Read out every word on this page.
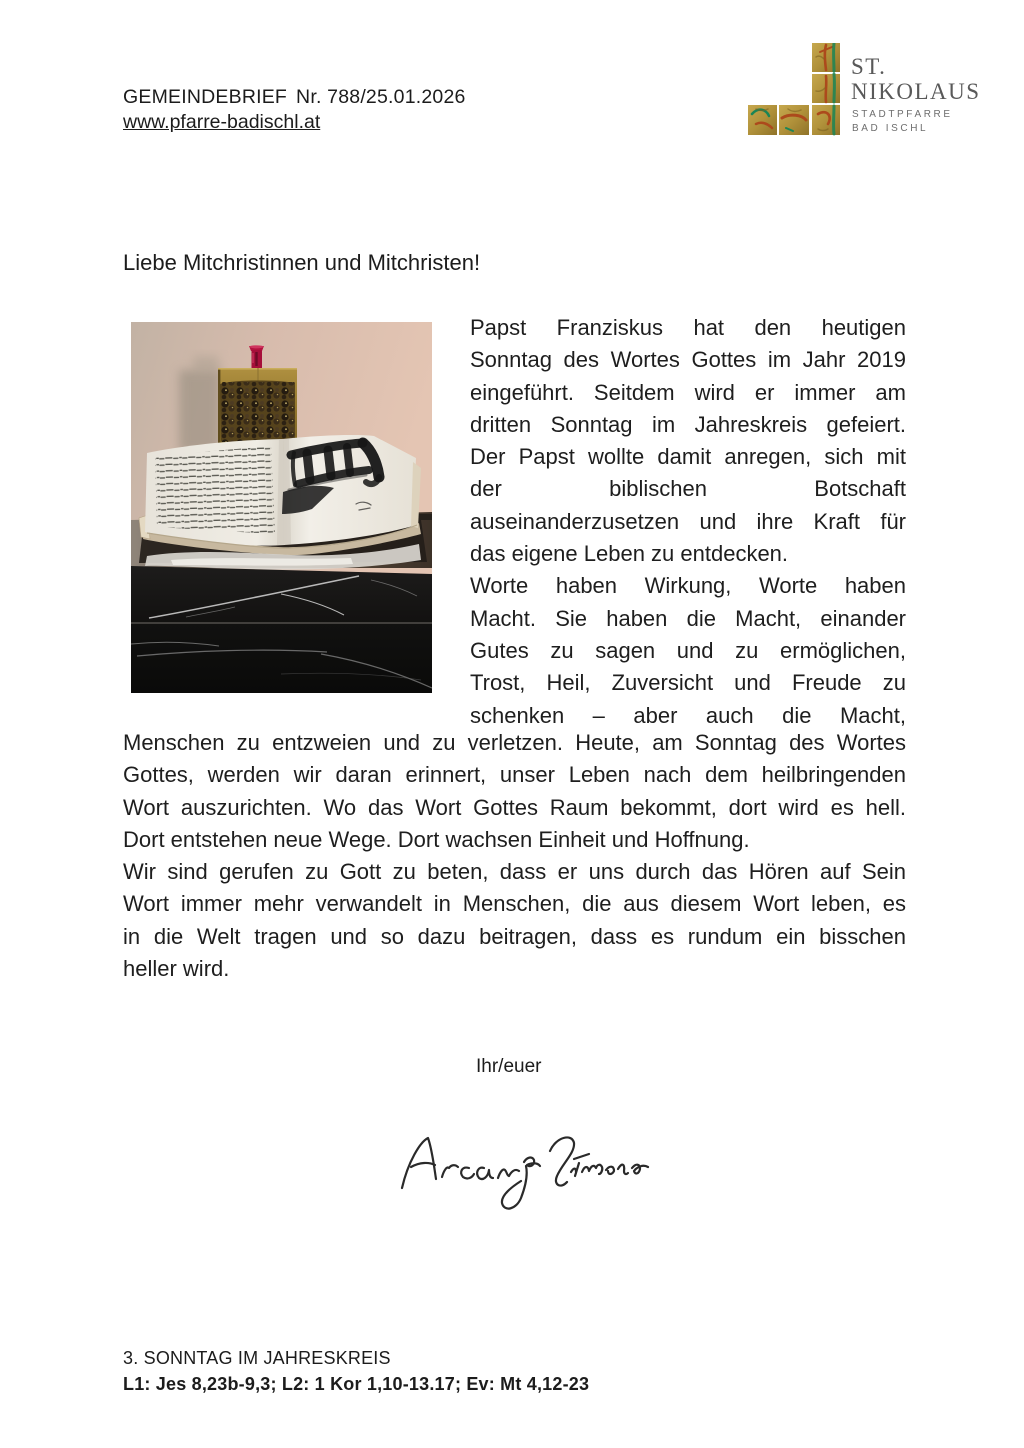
GEMEINDEBRIEF Nr. 788/25.01.2026
www.pfarre-badischl.at
ST.
NIKOLAUS
STADTPFARRE
BAD ISCHL
Liebe Mitchristinnen und Mitchristen!
Papst Franziskus hat den heutigen
Sonntag des Wortes Gottes im Jahr 2019
eingeführt. Seitdem wird er immer am
dritten Sonntag im Jahreskreis gefeiert.
Der Papst wollte damit anregen, sich mit
der biblischen Botschaft
auseinanderzusetzen und ihre Kraft für
das eigene Leben zu entdecken.
Worte haben Wirkung, Worte haben
Macht. Sie haben die Macht, einander
Gutes zu sagen und zu ermöglichen,
Trost, Heil, Zuversicht und Freude zu
schenken – aber auch die Macht,
Menschen zu entzweien und zu verletzen. Heute, am Sonntag des Wortes
Gottes, werden wir daran erinnert, unser Leben nach dem heilbringenden
Wort auszurichten. Wo das Wort Gottes Raum bekommt, dort wird es hell.
Dort entstehen neue Wege. Dort wachsen Einheit und Hoffnung.
Wir sind gerufen zu Gott zu beten, dass er uns durch das Hören auf Sein
Wort immer mehr verwandelt in Menschen, die aus diesem Wort leben, es
in die Welt tragen und so dazu beitragen, dass es rundum ein bisschen
heller wird.
Ihr/euer
3. SONNTAG IM JAHRESKREIS
L1: Jes 8,23b-9,3; L2: 1 Kor 1,10-13.17; Ev: Mt 4,12-23
